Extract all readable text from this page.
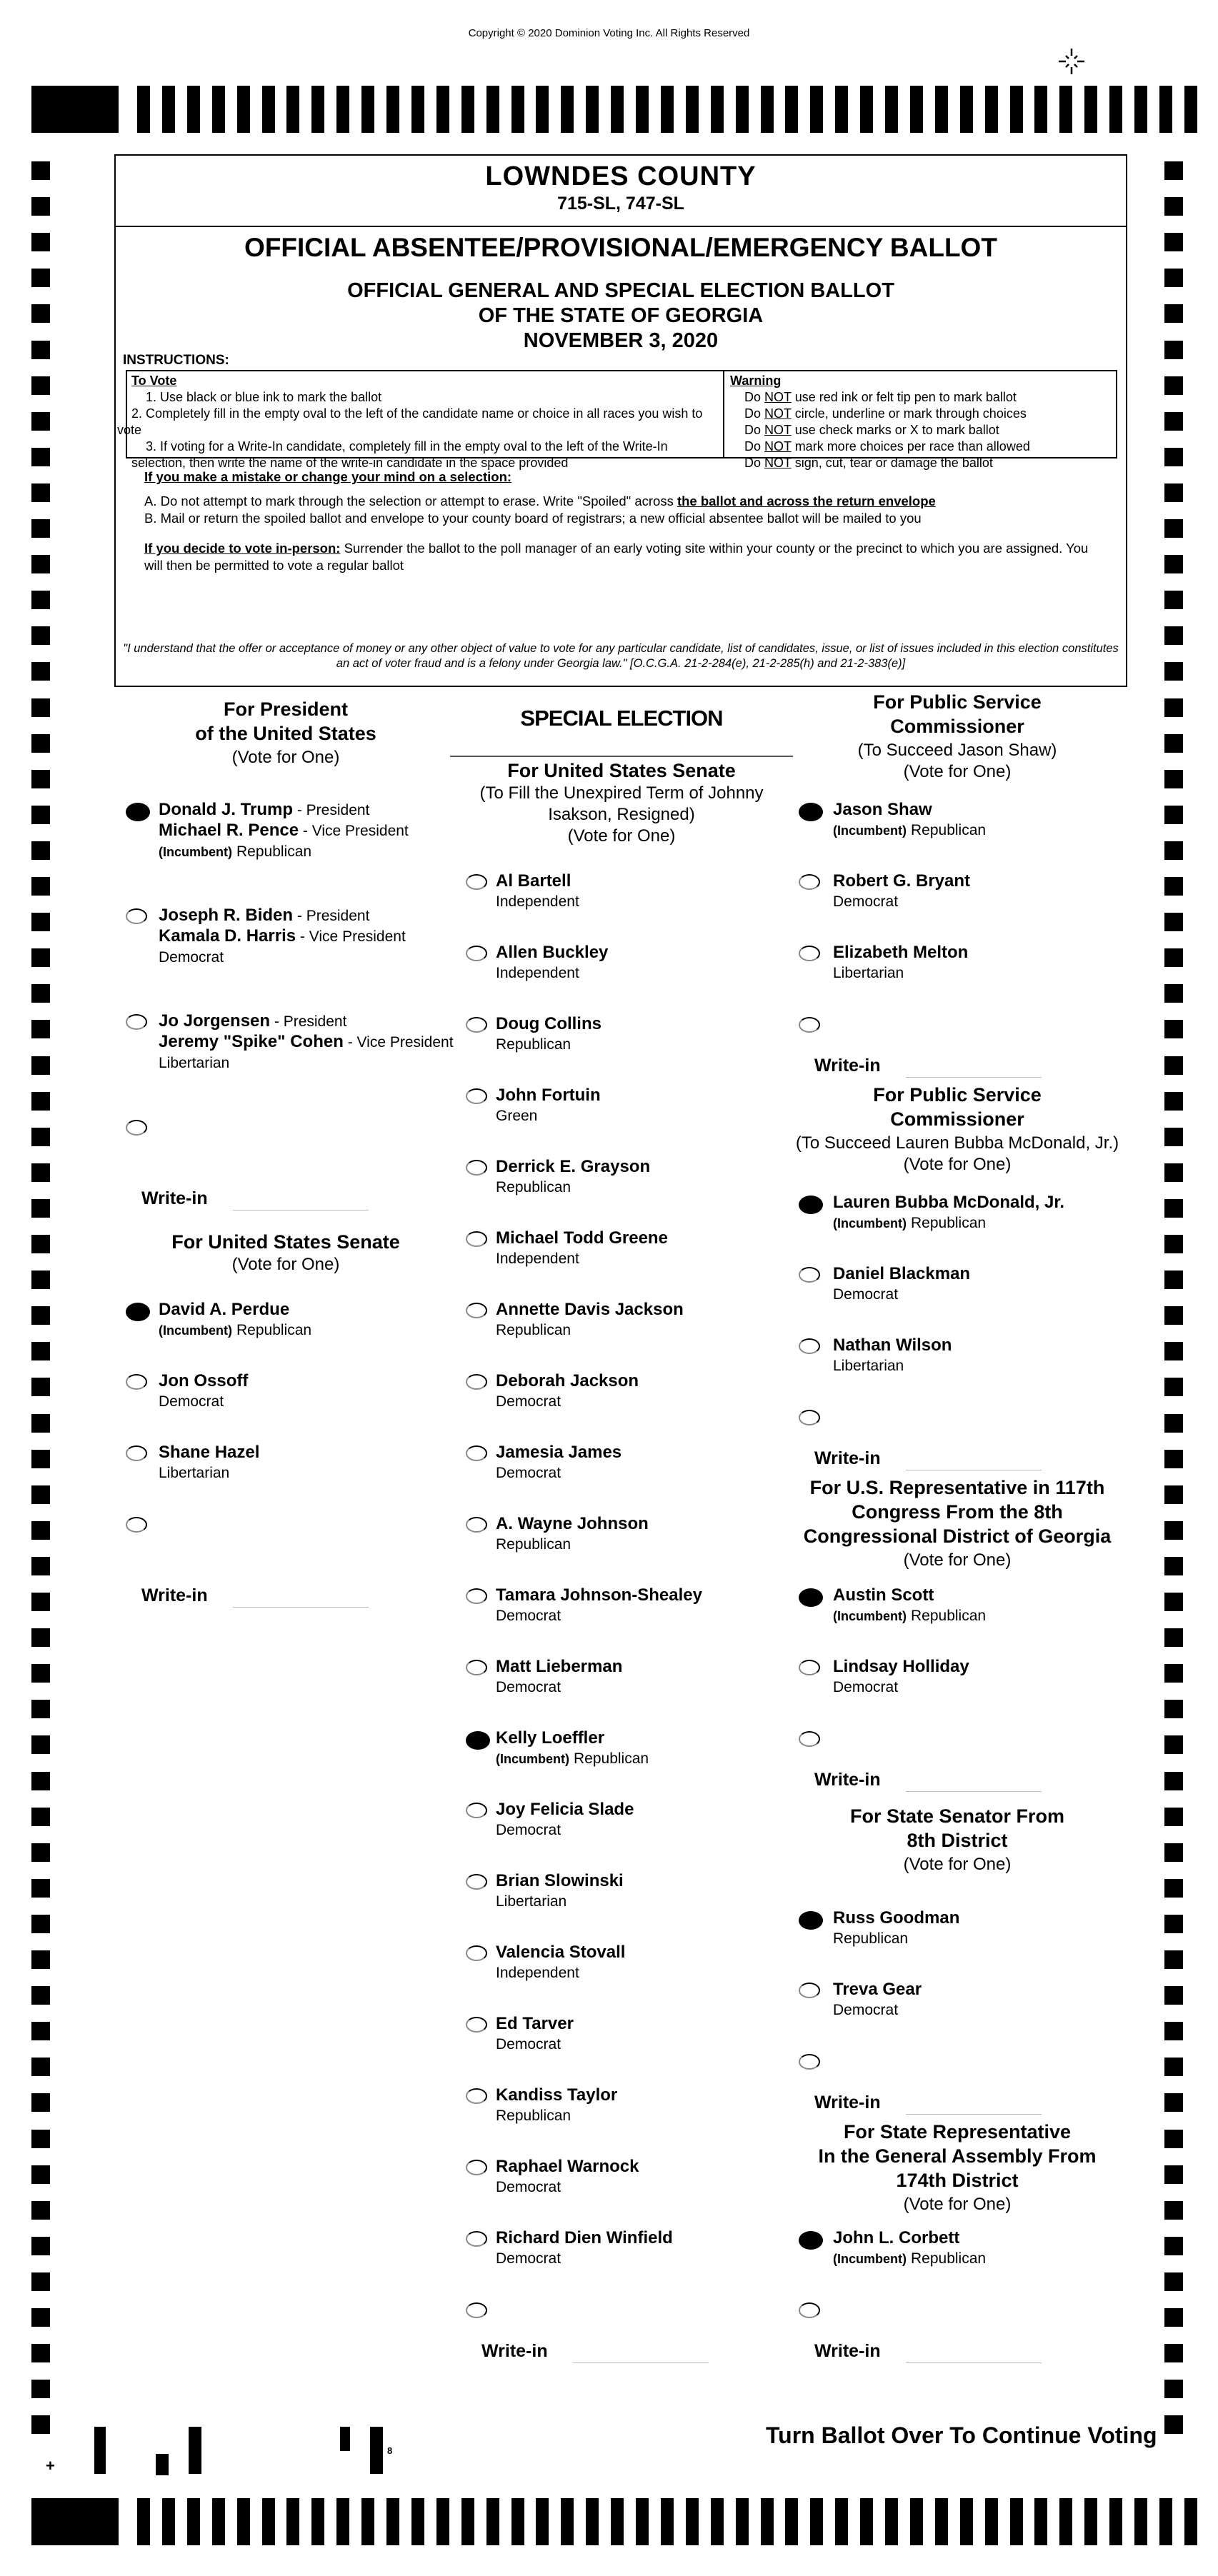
Copyright © 2020 Dominion Voting Inc. All Rights Reserved
LOWNDES COUNTY
715-SL, 747-SL
OFFICIAL ABSENTEE/PROVISIONAL/EMERGENCY BALLOT
OFFICIAL GENERAL AND SPECIAL ELECTION BALLOT
OF THE STATE OF GEORGIA
NOVEMBER 3, 2020
INSTRUCTIONS:
To Vote
1. Use black or blue ink to mark the ballot
2. Completely fill in the empty oval to the left of the candidate name or choice in all races you wish to vote
3. If voting for a Write-In candidate, completely fill in the empty oval to the left of the Write-In selection, then write the name of the write-in candidate in the space provided
Warning
Do NOT use red ink or felt tip pen to mark ballot
Do NOT circle, underline or mark through choices
Do NOT use check marks or X to mark ballot
Do NOT mark more choices per race than allowed
Do NOT sign, cut, tear or damage the ballot

If you make a mistake or change your mind on a selection:

A. Do not attempt to mark through the selection or attempt to erase. Write "Spoiled" across the ballot and across the return envelope

B. Mail or return the spoiled ballot and envelope to your county board of registrars; a new official absentee ballot will be mailed to you

If you decide to vote in-person: Surrender the ballot to the poll manager of an early voting site within your county or the precinct to which you are assigned. You will then be permitted to vote a regular ballot

"I understand that the offer or acceptance of money or any other object of value to vote for any particular candidate, list of candidates, issue, or list of issues included in this election constitutes an act of voter fraud and is a felony under Georgia law." [O.C.G.A. 21-2-284(e), 21-2-285(h) and 21-2-383(e)]
For President
of the United States
(Vote for One)
Donald J. Trump - President
Michael R. Pence - Vice President
(Incumbent) Republican
Joseph R. Biden - President
Kamala D. Harris - Vice President
Democrat
Jo Jorgensen - President
Jeremy "Spike" Cohen - Vice President
Libertarian
Write-in
For United States Senate
(Vote for One)
David A. Perdue
(Incumbent) Republican
Jon Ossoff
Democrat
Shane Hazel
Libertarian
Write-in
SPECIAL ELECTION
For United States Senate
(To Fill the Unexpired Term of Johnny
Isakson, Resigned)
(Vote for One)
Al Bartell
Independent
Allen Buckley
Independent
Doug Collins
Republican
John Fortuin
Green
Derrick E. Grayson
Republican
Michael Todd Greene
Independent
Annette Davis Jackson
Republican
Deborah Jackson
Democrat
Jamesia James
Democrat
A. Wayne Johnson
Republican
Tamara Johnson-Shealey
Democrat
Matt Lieberman
Democrat
Kelly Loeffler
(Incumbent) Republican
Joy Felicia Slade
Democrat
Brian Slowinski
Libertarian
Valencia Stovall
Independent
Ed Tarver
Democrat
Kandiss Taylor
Republican
Raphael Warnock
Democrat
Richard Dien Winfield
Democrat
Write-in
For Public Service
Commissioner
(To Succeed Jason Shaw)
(Vote for One)
Jason Shaw
(Incumbent) Republican
Robert G. Bryant
Democrat
Elizabeth Melton
Libertarian
Write-in
For Public Service
Commissioner
(To Succeed Lauren Bubba McDonald, Jr.)
(Vote for One)
Lauren Bubba McDonald, Jr.
(Incumbent) Republican
Daniel Blackman
Democrat
Nathan Wilson
Libertarian
Write-in
For U.S. Representative in 117th
Congress From the 8th
Congressional District of Georgia
(Vote for One)
Austin Scott
(Incumbent) Republican
Lindsay Holliday
Democrat
Write-in
For State Senator From
8th District
(Vote for One)
Russ Goodman
Republican
Treva Gear
Democrat
Write-in
For State Representative
In the General Assembly From
174th District
(Vote for One)
John L. Corbett
(Incumbent) Republican
Write-in
Turn Ballot Over To Continue Voting
+
8
